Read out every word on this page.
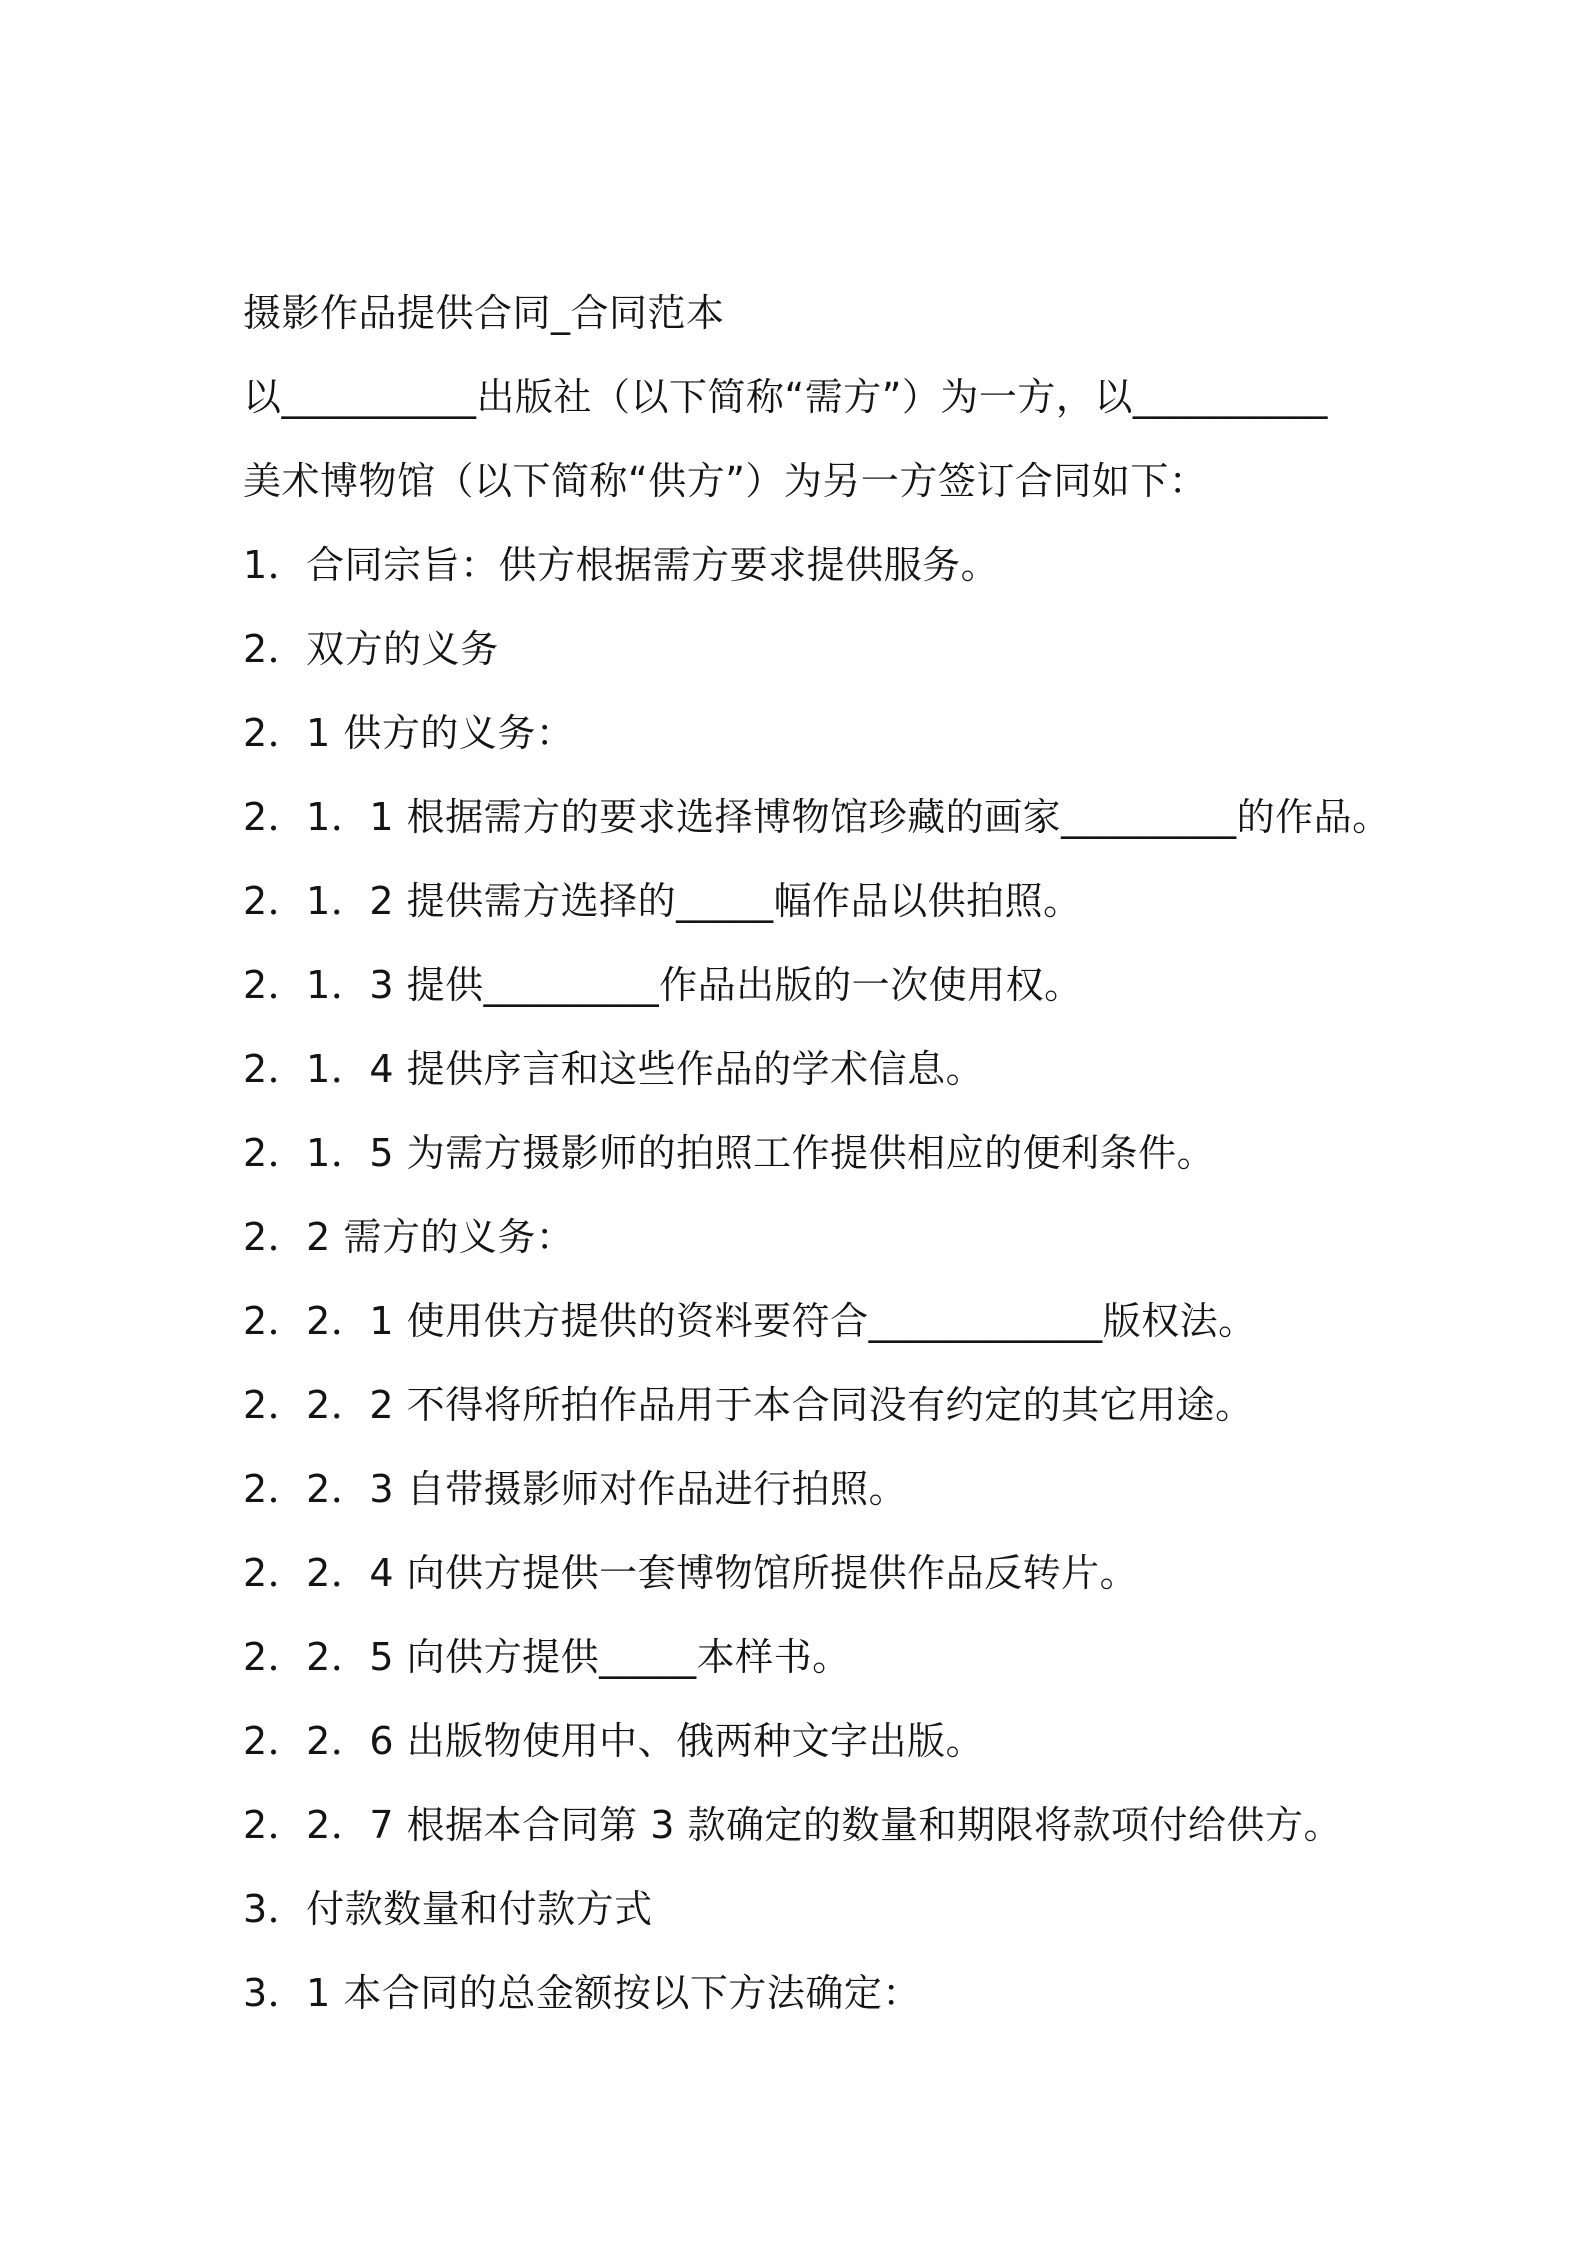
摄影作品提供合同_合同范本
以__________出版社（以下简称“需方”）为一方，以__________
美术博物馆（以下简称“供方”）为另一方签订合同如下：
1．合同宗旨：供方根据需方要求提供服务。
2．双方的义务
2．1 供方的义务：
2．1．1 根据需方的要求选择博物馆珍藏的画家_________的作品。
2．1．2 提供需方选择的_____幅作品以供拍照。
2．1．3 提供_________作品出版的一次使用权。
2．1．4 提供序言和这些作品的学术信息。
2．1．5 为需方摄影师的拍照工作提供相应的便利条件。
2．2 需方的义务：
2．2．1 使用供方提供的资料要符合____________版权法。
2．2．2 不得将所拍作品用于本合同没有约定的其它用途。
2．2．3 自带摄影师对作品进行拍照。
2．2．4 向供方提供一套博物馆所提供作品反转片。
2．2．5 向供方提供_____本样书。
2．2．6 出版物使用中、俄两种文字出版。
2．2．7 根据本合同第 3 款确定的数量和期限将款项付给供方。
3．付款数量和付款方式
3．1 本合同的总金额按以下方法确定：
